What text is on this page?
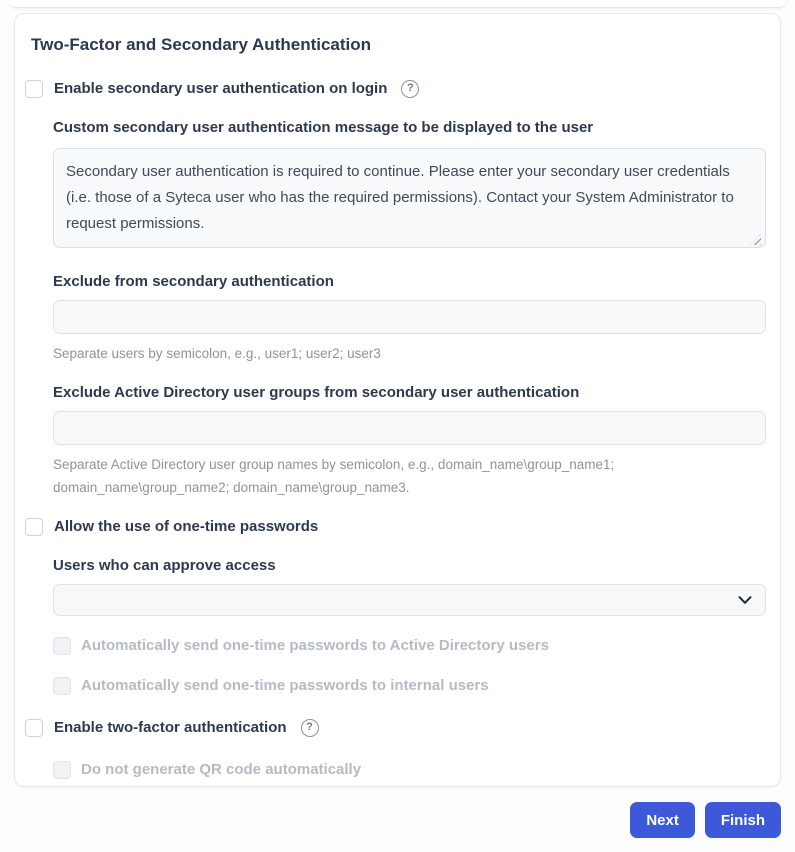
Two-Factor and Secondary Authentication
Enable secondary user authentication on login	?
Custom secondary user authentication message to be displayed to the user
Secondary user authentication is required to continue. Please enter your secondary user credentials (i.e. those of a Syteca user who has the required permissions). Contact your System Administrator to request permissions.
Exclude from secondary authentication
Separate users by semicolon, e.g., user1; user2; user3
Exclude Active Directory user groups from secondary user authentication
Separate Active Directory user group names by semicolon, e.g., domain_name\group_name1; domain_name\group_name2; domain_name\group_name3.
Allow the use of one-time passwords
Users who can approve access
Automatically send one-time passwords to Active Directory users
Automatically send one-time passwords to internal users
Enable two-factor authentication	?
Do not generate QR code automatically
Next	Finish
